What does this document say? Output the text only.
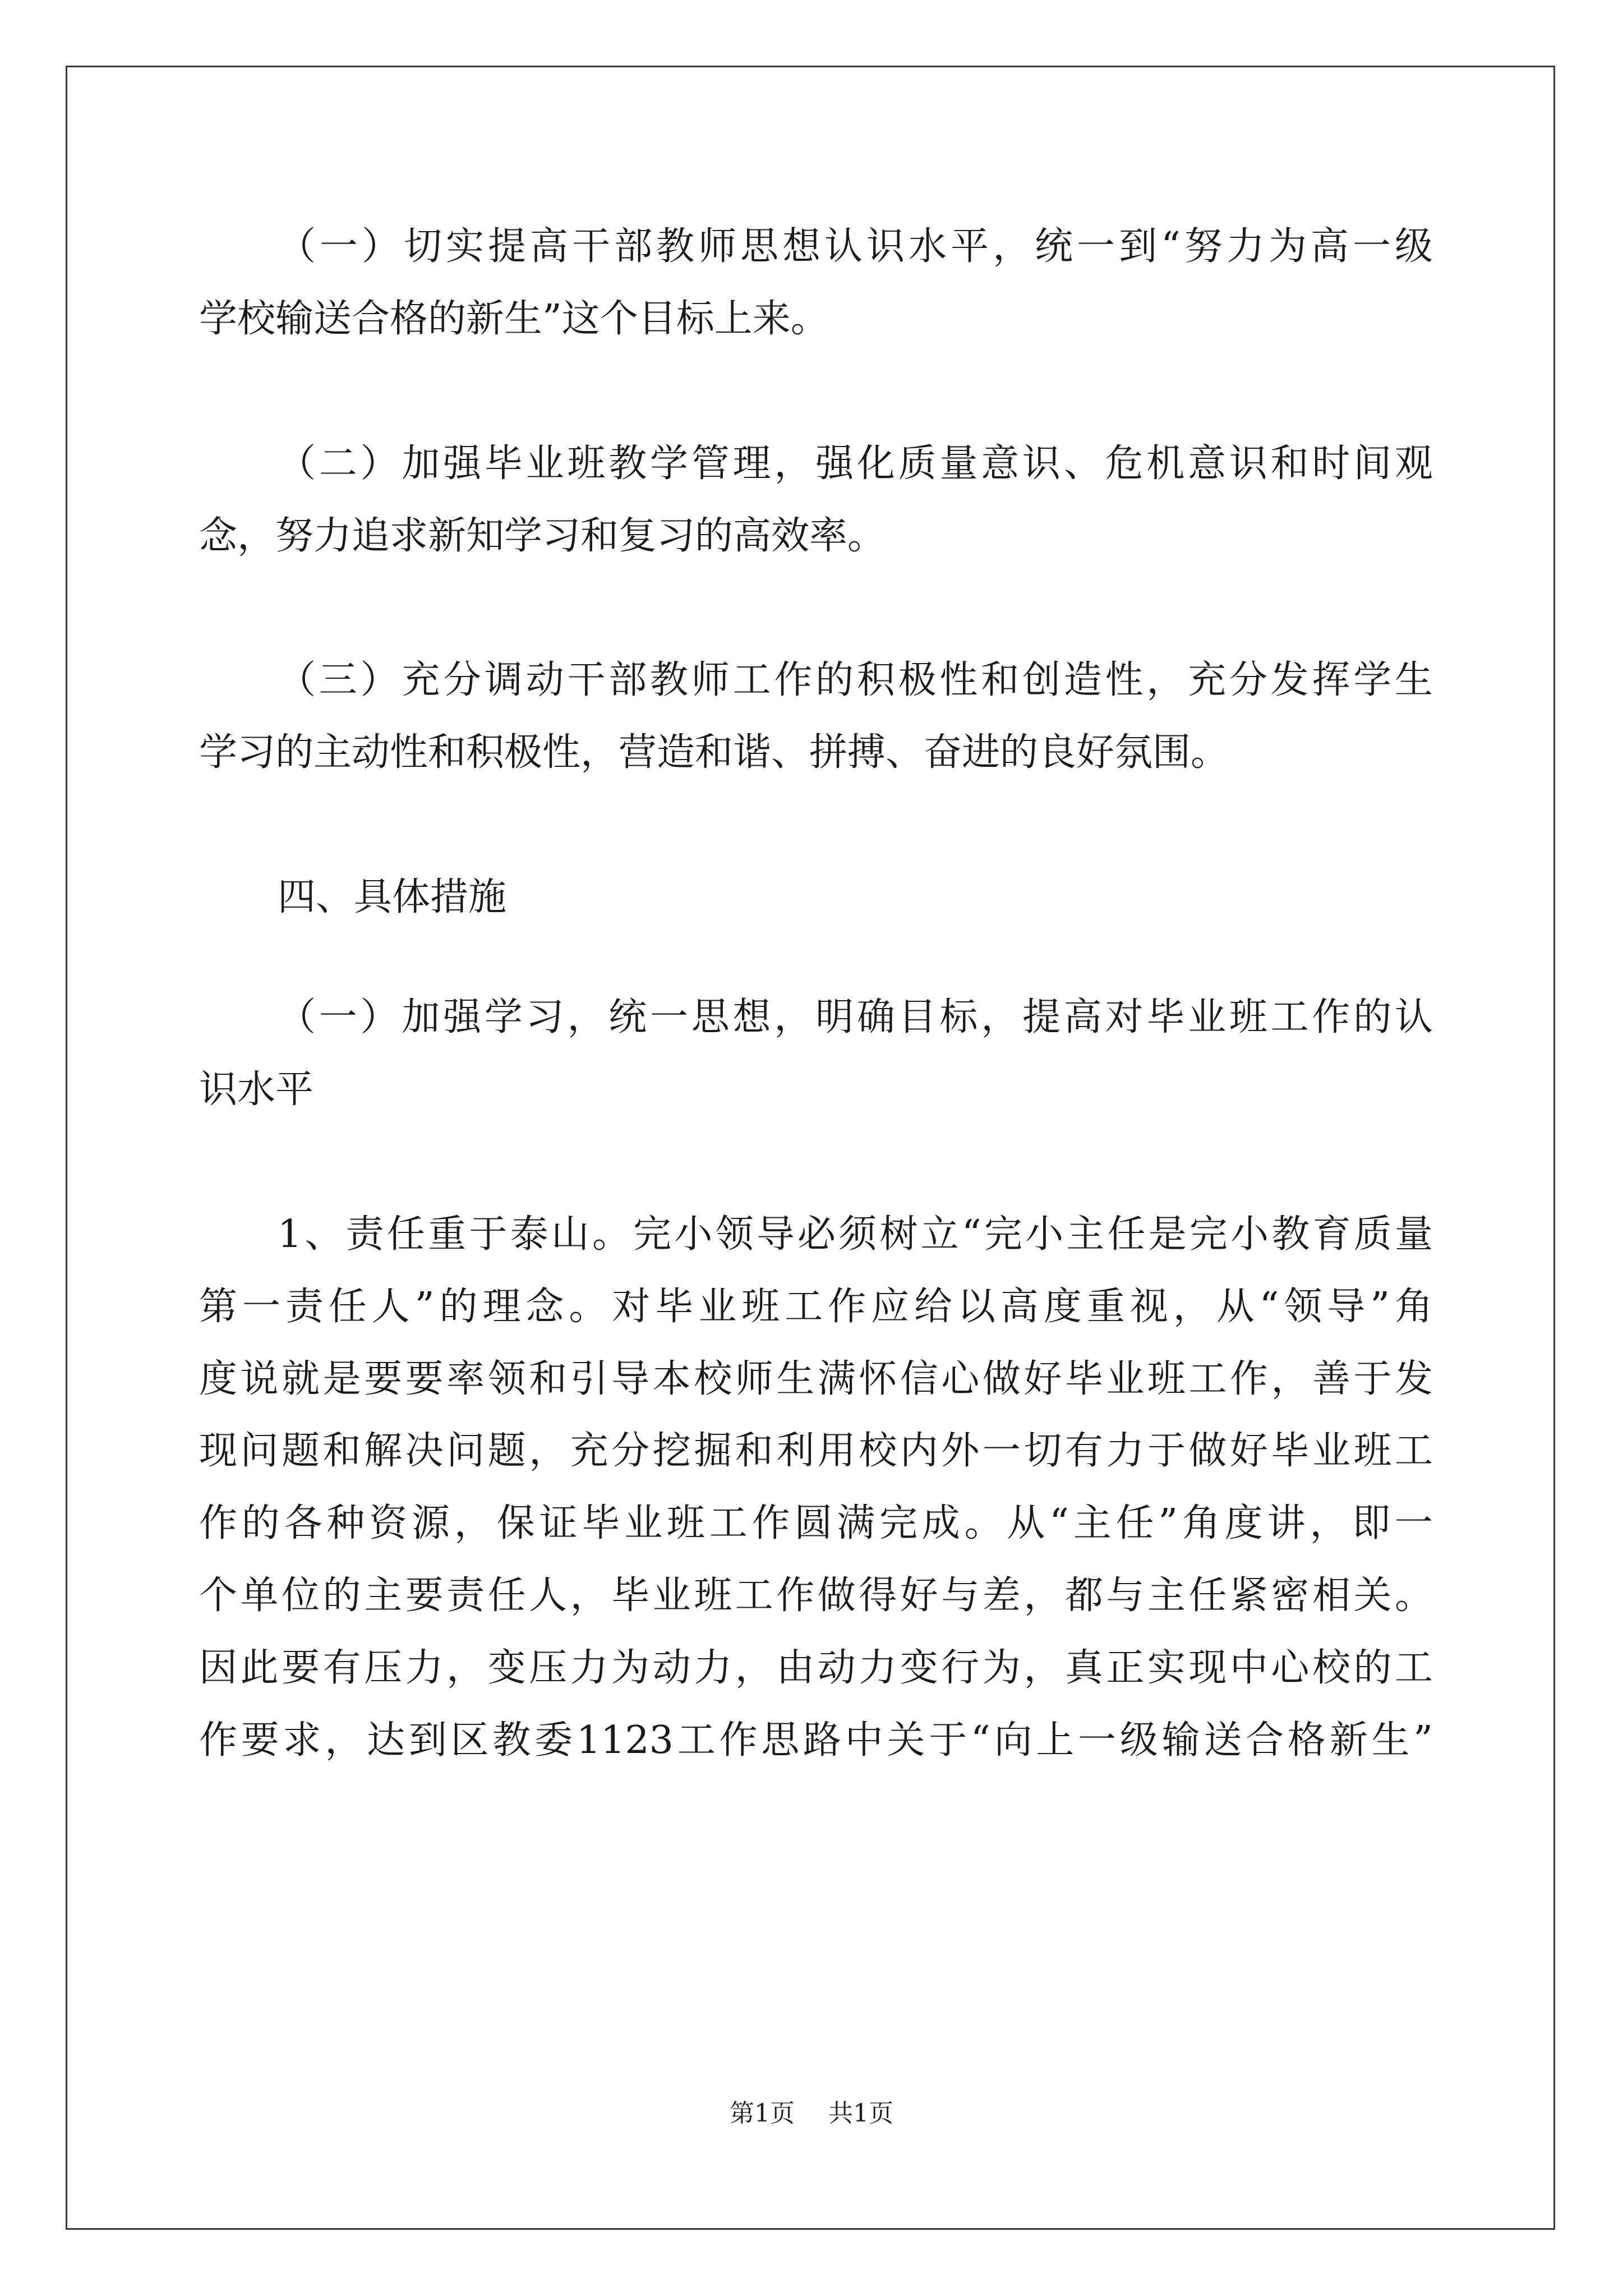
（一）切实提高干部教师思想认识水平，统一到“努力为高一级
学校输送合格的新生”这个目标上来。
（二）加强毕业班教学管理，强化质量意识、危机意识和时间观
念，努力追求新知学习和复习的高效率。
（三）充分调动干部教师工作的积极性和创造性，充分发挥学生
学习的主动性和积极性，营造和谐、拼搏、奋进的良好氛围。
四、具体措施
（一）加强学习，统一思想，明确目标，提高对毕业班工作的认
识水平
1、责任重于泰山。完小领导必须树立“完小主任是完小教育质量
第一责任人”的理念。对毕业班工作应给以高度重视，从“领导”角
度说就是要要率领和引导本校师生满怀信心做好毕业班工作，善于发
现问题和解决问题，充分挖掘和利用校内外一切有力于做好毕业班工
作的各种资源，保证毕业班工作圆满完成。从“主任”角度讲，即一
个单位的主要责任人，毕业班工作做得好与差，都与主任紧密相关。
因此要有压力，变压力为动力，由动力变行为，真正实现中心校的工
作要求，达到区教委1123工作思路中关于“向上一级输送合格新生”
第1页 共1页
